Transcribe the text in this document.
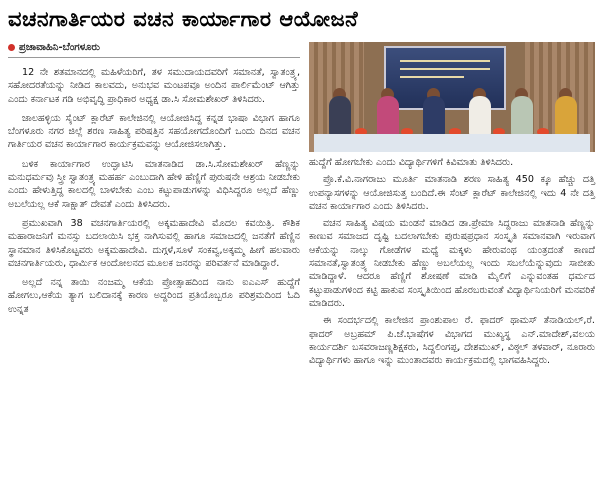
ವಚನಗಾರ್ತಿಯರ ವಚನ ಕಾರ್ಯಾಗಾರ ಆಯೋಜನೆ
ಪ್ರಜಾವಾಹಿನಿ-ಬೆಂಗಳೂರು

12 ನೇ ಶತಮಾನದಲ್ಲಿ ಮಹಿಳೆಯರಿಗೆ, ತಳ ಸಮುದಾಯದವರಿಗೆ ಸಮಾನತೆ, ಸ್ವಾತಂತ್ರ್ಯ, ಸಹೋದರತೆಯನ್ನು ನೀಡಿದ ಕಾಲವದು, ಅನುಭವ ಮಂಟಪವೂ ಅಂದಿನ ಪಾರ್ಲಿಮೆಂಟ್ ಆಗಿತ್ತು ಎಂದು ಕರ್ನಾಟಕ ಗಡಿ ಅಭಿವೃದ್ಧಿ ಪ್ರಾಧಿಕಾರ ಅಧ್ಯಕ್ಷ ಡಾ.ಸಿ ಸೋಮಶೇಖರ್ ತಿಳಿಸಿದರು.

ಜಾಲಹಳ್ಳಿಯ ಸೈಂಟ್ ಕ್ಲಾರೆಟ್ ಕಾಲೇಜಿನಲ್ಲಿ ಆಯೋಜಿಸಿದ್ದ ಕನ್ನಡ ಭಾಷಾ ವಿಭಾಗ ಹಾಗೂ ಬೆಂಗಳೂರು ನಗರ ಜಿಲ್ಲೆ ಶರಣ ಸಾಹಿತ್ಯ ಪರಿಷತ್ತಿನ ಸಹಯೋಗದೊಂದಿಗೆ ಒಂದು ದಿನದ ವಚನ ಗಾರ್ತಿಯರ ವಚನ ಕಾರ್ಯಾಗಾರ ಕಾರ್ಯಕ್ರಮವನ್ನು ಆಯೋಜಿಸಲಾಗಿತ್ತು.

ಬಳಿಕ ಕಾರ್ಯಾಗಾರ ಉದ್ಘಾಟಿಸಿ ಮಾತನಾಡಿದ ಡಾ.ಸಿ.ಸೋಮಶೇಖರ್ ಹೆಣ್ಣನ್ನು ಮನುಧರ್ಮವು ಸ್ತ್ರೀ ಸ್ವಾತಂತ್ರ್ಯ ಮಹರ್ಹ ಎಂಬುದಾಗಿ ಹೇಳಿ ಹೆಣ್ಣಿಗೆ ಪುರುಷನೇ ಆಶ್ರಯ ನೀಡಬೇಕು ಎಂದು ಹೇಳುತ್ತಿದ್ದ ಕಾಲದಲ್ಲಿ ಬಾಳಬೇಕು ಎಂಬ ಕಟ್ಟುಪಾಡುಗಳನ್ನು ವಿಧಿಸಿದ್ದರೂ ಅಲ್ಲದೆ ಹೆಣ್ಣು ಅಬಲೆಯಲ್ಲ ಆಕೆ ಸಾಕ್ಷಾತ್ ದೇವತೆ ಎಂದು ತಿಳಿಸಿದರು.

ಪ್ರಮುಖವಾಗಿ 38 ವಚನಗಾರ್ತಿಯರಲ್ಲಿ ಅಕ್ಕಮಹಾದೇವಿ ಮೊದಲ ಕವಯಿತ್ರಿ. ಕೌಶಿಕ ಮಹಾರಾಜನಿಗೆ ಮನಸ್ಸು ಬದಲಾಯಿಸಿ ಭಕ್ತ ನಾಗಿಸುವಲ್ಲಿ ಹಾಗೂ ಸಮಾಜದಲ್ಲಿ ಜನತೆಗೆ ಹೆಣ್ಣಿನ ಸ್ಥಾನಮಾನ ತಿಳಿಸಿಕೊಟ್ಟವರು ಅಕ್ಕಮಹಾದೇವಿ. ದುಗ್ಗಳೆ,ಸೂಳೆ ಸಂಕವ್ವ,ಅಕ್ಕಮ್ಮ ಹೀಗೆ ಹಲವಾರು ವಚನಗಾರ್ತಿಯರು, ಧಾರ್ಮಿಕ ಆಂದೋಲನದ ಮೂಲಕ ಜನರನ್ನು ಪರಿವರ್ತನೆ ಮಾಡಿದ್ದಾರೆ.

ಅಲ್ಲದೆ ನನ್ನ ತಾಯಿ ನಂಜಮ್ಮ ಆಕೆಯ ಪ್ರೋತ್ಸಾಹದಿಂದ ನಾನು ಐಎಎಸ್ ಹುದ್ದೆಗೆ ಹೋಗಲು,ಆಕೆಯ ತ್ಯಾಗ ಬಲಿದಾನಕ್ಕೆ ಕಾರಣ ಅದ್ದರಿಂದ ಪ್ರತಿಯೊಬ್ಬರೂ ಪರಿಶ್ರಮದಿಂದ ಓದಿ ಉನ್ನತ

ಹುದ್ದೆಗೆ ಹೋಗಬೇಕು ಎಂದು ವಿದ್ಯಾರ್ಥಿಗಳಿಗೆ ಕಿವಿಮಾತು ತಿಳಿಸಿದರು.

ಪ್ರೊ.ಕೆ.ವಿ.ನಾಗರಾಜು ಮೂರ್ತಿ ಮಾತನಾಡಿ ಶರಣ ಸಾಹಿತ್ಯ 450 ಕ್ಕೂ ಹೆಚ್ಚು ದತ್ತಿ ಉಪನ್ಯಾಸಗಳನ್ನು ಆಯೋಜಿಸುತ್ತ ಬಂದಿದೆ.ಈ ಸೆಂಟ್ ಕ್ಲಾರೆಟ್ ಕಾಲೇಜಿನಲ್ಲಿ ಇದು 4 ನೇ ದತ್ತಿ ವಚನ ಕಾರ್ಯಾಗಾರ ಎಂದು ತಿಳಿಸಿದರು.

ವಚನ ಸಾಹಿತ್ಯ ವಿಷಯ ಮಂಡನೆ ಮಾಡಿದ ಡಾ.ಪ್ರೇಮಾ ಸಿದ್ದರಾಜು ಮಾತನಾಡಿ ಹೆಣ್ಣನ್ನು ಕಾಣುವ ಸಮಾಜದ ದೃಷ್ಟಿ ಬದಲಾಗಬೇಕು ಪುರುಷಪ್ರಧಾನ ಸಂಸ್ಕೃತಿ ಸಮಾನವಾಗಿ ಇರುವಾಗ ಆಕೆಯನ್ನು ನಾಲ್ಕು ಗೋಡೆಗಳ ಮಧ್ಯೆ ಮಕ್ಕಳು ಹೇರುವಂಥ ಯಂತ್ರದಂತೆ ಕಾಣದೆ ಸಮಾನತೆ,ಸ್ವಾತಂತ್ರ್ಯ ನೀಡಬೇಕು ಹೆಣ್ಣು ಅಬಲೆಯಲ್ಲ ಇಂದು ಸಬಲೆಯೆನ್ನುವುದು ಸಾಬೀತು ಮಾಡಿದ್ದಾಳೆ. ಆದರೂ ಹೆಣ್ಣಿಗೆ ಶೋಷಣೆ ಮಾಡಿ ಮೈಲಿಗೆ ಎನ್ನುವಂತಹ ಧರ್ಮದ ಕಟ್ಟುಪಾಡುಗಳಿಂದ ಕಟ್ಟಿ ಹಾಕುವ ಸಂಸ್ಕೃತಿಯಿಂದ ಹೊರಬರುವಂತೆ ವಿದ್ಯಾರ್ಥಿನಿಯರಿಗೆ ಮನವರಿಕೆ ಮಾಡಿದರು.

ಈ ಸಂದರ್ಭದಲ್ಲಿ ಕಾಲೇಜಿನ ಪ್ರಾಂಶುಪಾಲ ರೆ. ಫಾದರ್ ಥಾಮಸ್ ತೆನಾಡಿಯಲ್,ರೆ. ಫಾದರ್ ಅಬ್ರಹಮ್ ಪಿ.ಜೆ.ಭಾಷೆಗಳ ವಿಭಾಗದ ಮುಖ್ಯಸ್ಥ ಎನ್.ಮಾದೇಶ್,ವಲಯ ಕಾರ್ಯದರ್ಶಿ ಬಸವರಾಜಣ್ಣಶಿಕ್ಷಕರು, ಸಿದ್ದಲಿಂಗಪ್ಪ, ದೇಶಮುಖ್, ವಿಠ್ಠಲ್ ತಳವಾರ್, ನೂರಾರು ವಿದ್ಯಾರ್ಥಿಗಳು ಹಾಗೂ ಇನ್ನು ಮುಂತಾದವರು ಕಾರ್ಯಕ್ರಮದಲ್ಲಿ ಭಾಗವಹಿಸಿದ್ದರು.
